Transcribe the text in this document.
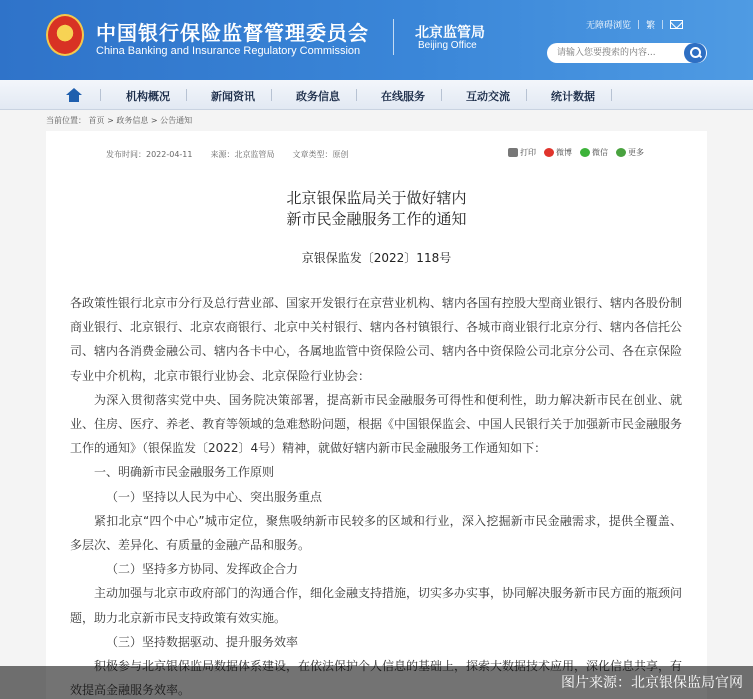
★
中国银行保险监督管理委员会
China Banking and Insurance Regulatory Commission
北京监管局
Beijing Office
无障碍浏览 | 繁 |
请输入您要搜索的内容...
机构概况	新闻资讯	政务信息	在线服务	互动交流	统计数据
当前位置： 首页 > 政务信息 > 公告通知
发布时间：2022-04-11 来源：北京监管局 文章类型：原创	打印	微博	微信	更多
北京银保监局关于做好辖内
新市民金融服务工作的通知
京银保监发〔2022〕118号

各政策性银行北京市分行及总行营业部、国家开发银行在京营业机构、辖内各国有控股大型商业银行、辖内各股份制商业银行、北京银行、北京农商银行、北京中关村银行、辖内各村镇银行、各城市商业银行北京分行、辖内各信托公司、辖内各消费金融公司、辖内各卡中心，各属地监管中资保险公司、辖内各中资保险公司北京分公司、各在京保险专业中介机构，北京市银行业协会、北京保险行业协会：

为深入贯彻落实党中央、国务院决策部署，提高新市民金融服务可得性和便利性，助力解决新市民在创业、就业、住房、医疗、养老、教育等领域的急难愁盼问题，根据《中国银保监会、中国人民银行关于加强新市民金融服务工作的通知》（银保监发〔2022〕4号）精神，就做好辖内新市民金融服务工作通知如下：

一、明确新市民金融服务工作原则

（一）坚持以人民为中心、突出服务重点

紧扣北京“四个中心”城市定位，聚焦吸纳新市民较多的区域和行业，深入挖掘新市民金融需求，提供全覆盖、多层次、差异化、有质量的金融产品和服务。

（二）坚持多方协同、发挥政企合力

主动加强与北京市政府部门的沟通合作，细化金融支持措施，切实多办实事，协同解决服务新市民方面的瓶颈问题，助力北京新市民支持政策有效实施。

（三）坚持数据驱动、提升服务效率

图片来源：北京银保监局官网
